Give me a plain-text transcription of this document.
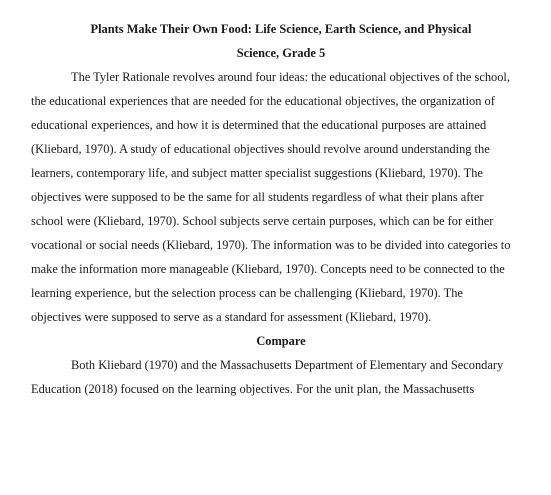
Plants Make Their Own Food: Life Science, Earth Science, and Physical
Science, Grade 5
The Tyler Rationale revolves around four ideas: the educational objectives of the school,
the educational experiences that are needed for the educational objectives, the organization of
educational experiences, and how it is determined that the educational purposes are attained
(Kliebard, 1970). A study of educational objectives should revolve around understanding the
learners, contemporary life, and subject matter specialist suggestions (Kliebard, 1970). The
objectives were supposed to be the same for all students regardless of what their plans after
school were (Kliebard, 1970). School subjects serve certain purposes, which can be for either
vocational or social needs (Kliebard, 1970). The information was to be divided into categories to
make the information more manageable (Kliebard, 1970). Concepts need to be connected to the
learning experience, but the selection process can be challenging (Kliebard, 1970). The
objectives were supposed to serve as a standard for assessment (Kliebard, 1970).
Compare
Both Kliebard (1970) and the Massachusetts Department of Elementary and Secondary
Education (2018) focused on the learning objectives. For the unit plan, the Massachusetts
